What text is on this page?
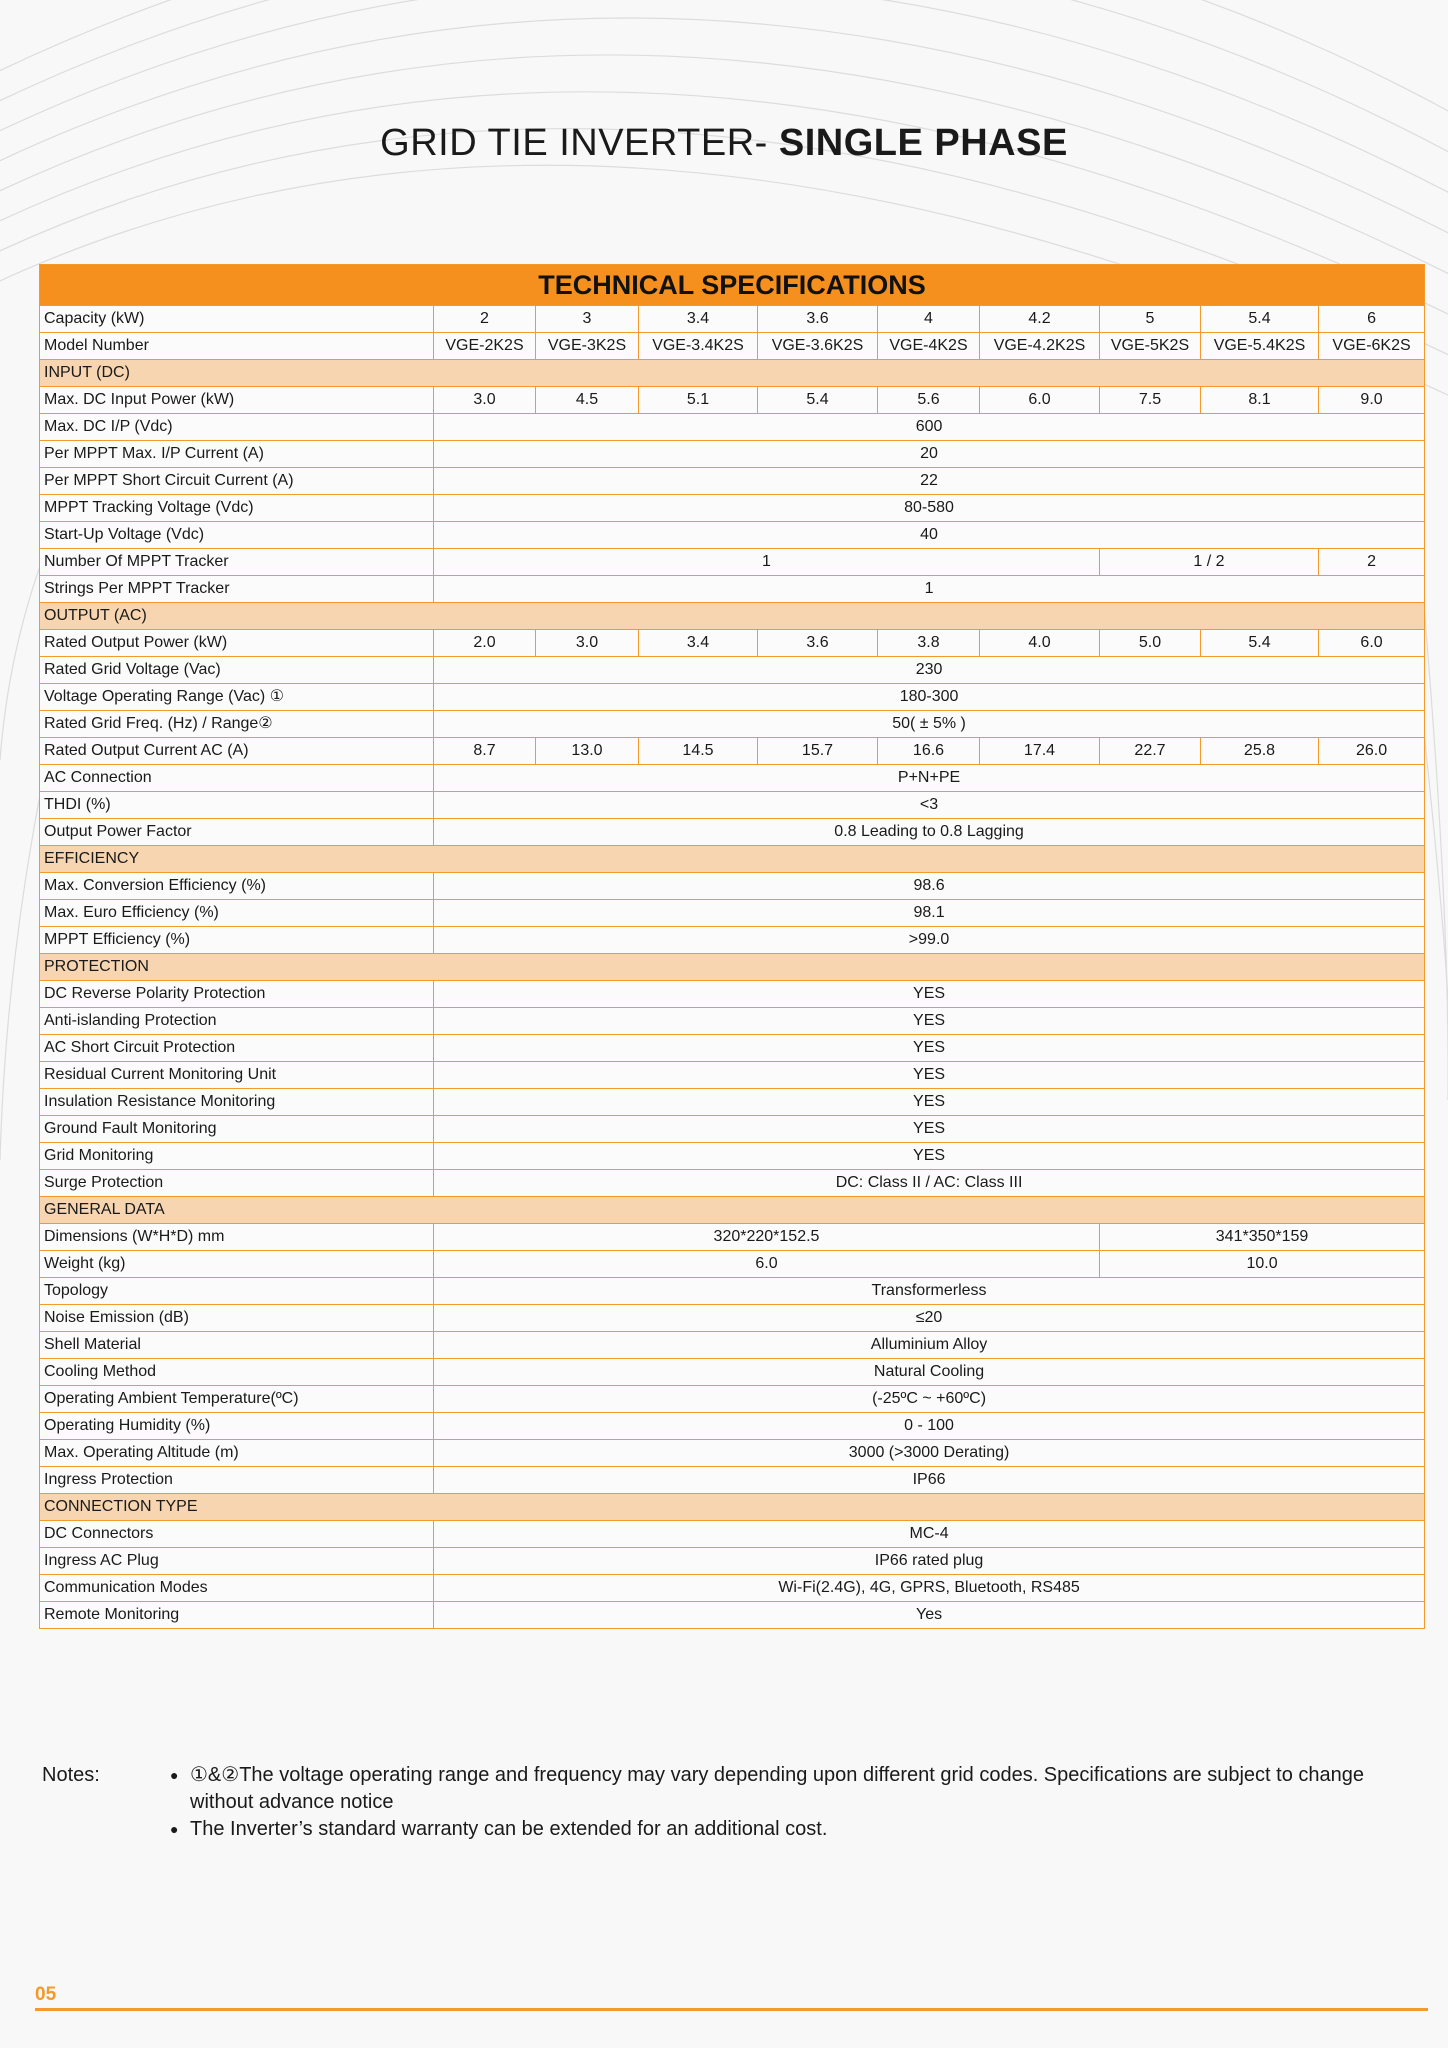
GRID TIE INVERTER- SINGLE PHASE
TECHNICAL SPECIFICATIONS									
Capacity (kW)	2	3	3.4	3.6	4	4.2	5	5.4	6
Model Number	VGE-2K2S	VGE-3K2S	VGE-3.4K2S	VGE-3.6K2S	VGE-4K2S	VGE-4.2K2S	VGE-5K2S	VGE-5.4K2S	VGE-6K2S
INPUT (DC)									
Max. DC Input Power (kW)	3.0	4.5	5.1	5.4	5.6	6.0	7.5	8.1	9.0
Max. DC I/P (Vdc)	600								
Per MPPT Max. I/P Current (A)	20								
Per MPPT Short Circuit Current (A)	22								
MPPT Tracking Voltage (Vdc)	80-580								
Start-Up Voltage (Vdc)	40								
Number Of MPPT Tracker	1						1 / 2		2
Strings Per MPPT Tracker	1								
OUTPUT (AC)									
Rated Output Power (kW)	2.0	3.0	3.4	3.6	3.8	4.0	5.0	5.4	6.0
Rated Grid Voltage (Vac)	230								
Voltage Operating Range (Vac) ①	180-300								
Rated Grid Freq. (Hz) / Range②	50( ± 5% )								
Rated Output Current AC (A)	8.7	13.0	14.5	15.7	16.6	17.4	22.7	25.8	26.0
AC Connection	P+N+PE								
THDI (%)	<3								
Output Power Factor	0.8 Leading to 0.8 Lagging								
EFFICIENCY									
Max. Conversion Efficiency (%)	98.6								
Max. Euro Efficiency (%)	98.1								
MPPT Efficiency (%)	>99.0								
PROTECTION									
DC Reverse Polarity Protection	YES								
Anti-islanding Protection	YES								
AC Short Circuit Protection	YES								
Residual Current Monitoring Unit	YES								
Insulation Resistance Monitoring	YES								
Ground Fault Monitoring	YES								
Grid Monitoring	YES								
Surge Protection	DC: Class II / AC: Class III								
GENERAL DATA									
Dimensions (W*H*D) mm	320*220*152.5						341*350*159		
Weight (kg)	6.0						10.0		
Topology	Transformerless								
Noise Emission (dB)	≤20								
Shell Material	Alluminium Alloy								
Cooling Method	Natural Cooling								
Operating Ambient Temperature(ºC)	(-25ºC ~ +60ºC)								
Operating Humidity (%)	0 - 100								
Max. Operating Altitude (m)	3000 (>3000 Derating)								
Ingress Protection	IP66								
CONNECTION TYPE									
DC Connectors	MC-4								
Ingress AC Plug	IP66 rated plug								
Communication Modes	Wi-Fi(2.4G), 4G, GPRS, Bluetooth, RS485								
Remote Monitoring	Yes								
Notes:	● ①&②The voltage operating range and frequency may vary depending upon different grid codes. Specifications are subject to change without advance notice
● The Inverter’s standard warranty can be extended for an additional cost.
05
